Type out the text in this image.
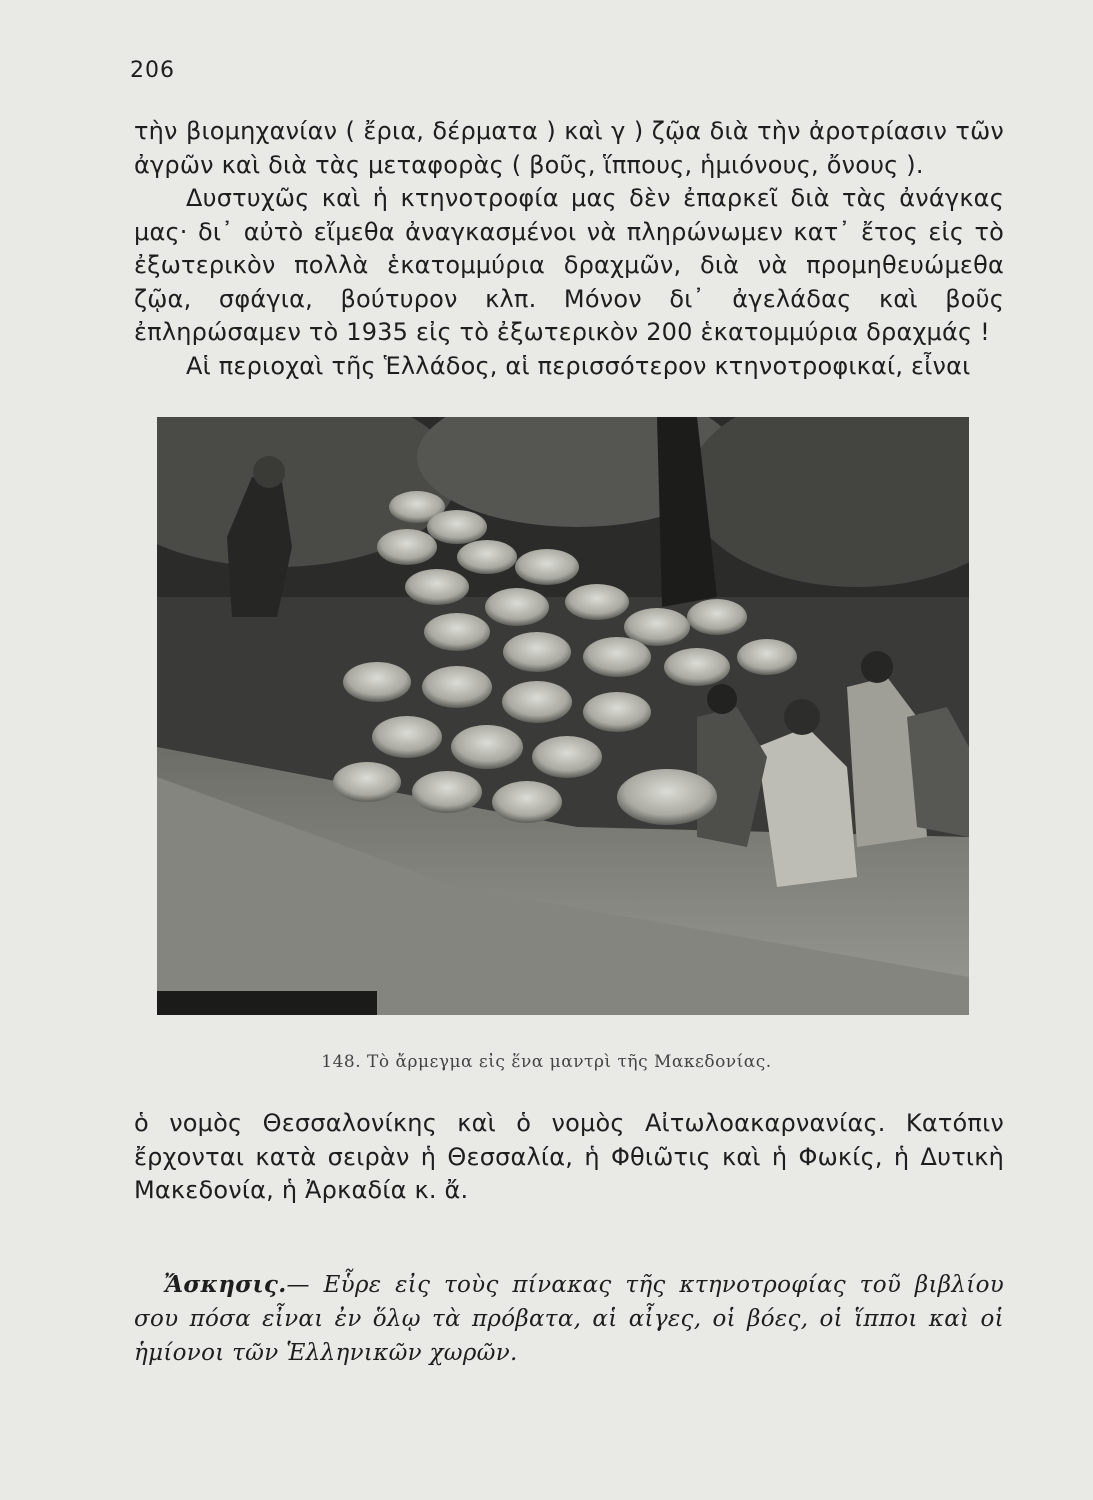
206

τὴν βιομηχανίαν ( ἔρια, δέρματα ) καὶ γ ) ζῷα διὰ τὴν ἀροτρίασιν τῶν ἀγρῶν καὶ διὰ τὰς μεταφορὰς ( βοῦς, ἵππους, ἡμιόνους, ὄνους ).

Δυστυχῶς καὶ ἡ κτηνοτροφία μας δὲν ἐπαρκεῖ διὰ τὰς ἀνάγκας μας· δι᾽ αὐτὸ εἴμεθα ἀναγκασμένοι νὰ πληρώνωμεν κατ᾽ ἔτος εἰς τὸ ἐξωτερικὸν πολλὰ ἑκατομμύρια δραχμῶν, διὰ νὰ προμηθευώμεθα ζῷα, σφάγια, βούτυρον κλπ. Μόνον δι᾽ ἀγελάδας καὶ βοῦς ἐπληρώσαμεν τὸ 1935 εἰς τὸ ἐξωτερικὸν 200 ἑκατομμύρια δραχμάς !

Αἱ περιοχαὶ τῆς Ἑλλάδος, αἱ περισσότερον κτηνοτροφικαί, εἶναι

148. Τὸ ἄρμεγμα εἰς ἕνα μαντρὶ τῆς Μακεδονίας.

ὁ νομὸς Θεσσαλονίκης καὶ ὁ νομὸς Αἰτωλοακαρνανίας. Κατόπιν ἔρχονται κατὰ σειρὰν ἡ Θεσσαλία, ἡ Φθιῶτις καὶ ἡ Φωκίς, ἡ Δυτικὴ Μακεδονία, ἡ Ἀρκαδία κ. ἄ.

Ἄσκησις.— Εὗρε εἰς τοὺς πίνακας τῆς κτηνοτροφίας τοῦ βιβλίου σου πόσα εἶναι ἐν ὅλῳ τὰ πρόβατα, αἱ αἶγες, οἱ βόες, οἱ ἵπποι καὶ οἱ ἡμίονοι τῶν Ἑλληνικῶν χωρῶν.
